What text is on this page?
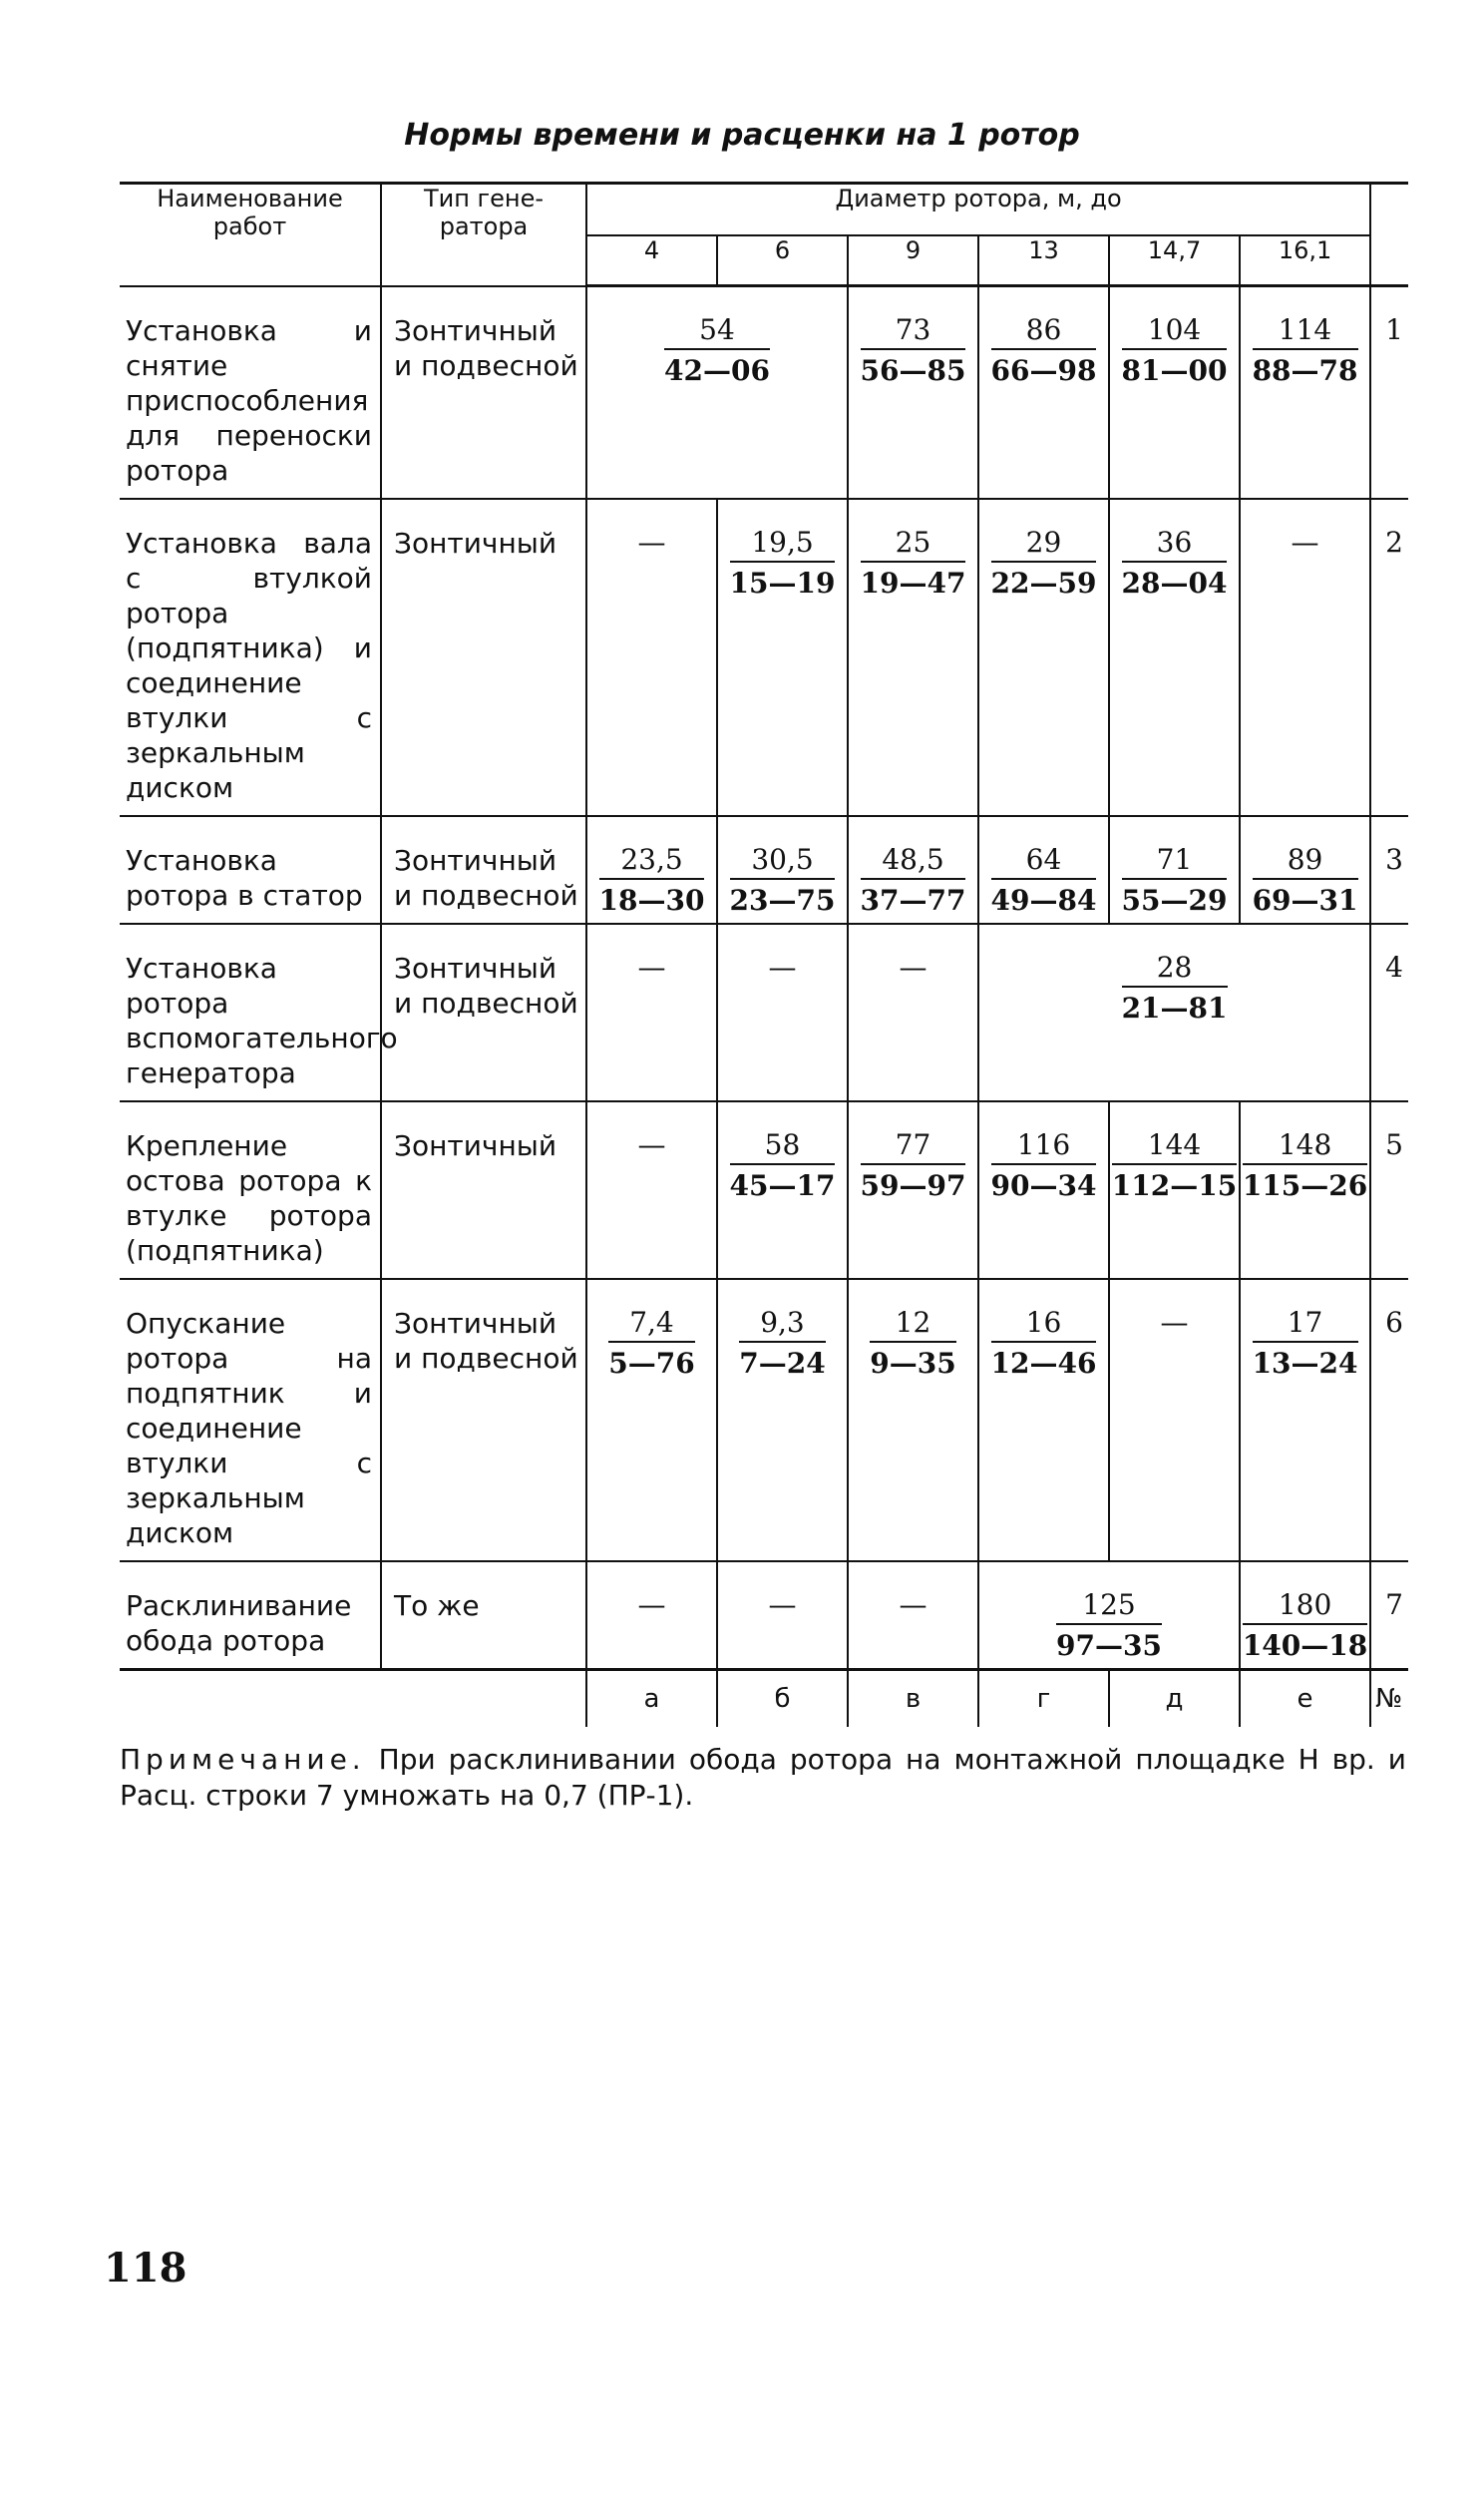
Нормы времени и расценки на 1 ротор
Наименование работ	Тип гене-ратора	Диаметр ротора, м, до						
		4	6	9	13	14,7	16,1	
Установка и снятие приспособления для переноски ротора	Зонтичный и подвесной	$\frac{54}{42—06}$		$\frac{73}{56—85}$	$\frac{86}{66—98}$	$\frac{104}{81—00}$	$\frac{114}{88—78}$	1
Установка вала с втулкой ротора (подпятника) и соединение втулки с зеркальным диском	Зонтичный	—	$\frac{19,5}{15—19}$	$\frac{25}{19—47}$	$\frac{29}{22—59}$	$\frac{36}{28—04}$	—	2
Установка ротора в статор	Зонтичный и подвесной	$\frac{23,5}{18—30}$	$\frac{30,5}{23—75}$	$\frac{48,5}{37—77}$	$\frac{64}{49—84}$	$\frac{71}{55—29}$	$\frac{89}{69—31}$	3
Установка ротора вспомогательного генератора	Зонтичный и подвесной	—	—	—	$\frac{28}{21—81}$			4
Крепление остова ротора к втулке ротора (подпятника)	Зонтичный	—	$\frac{58}{45—17}$	$\frac{77}{59—97}$	$\frac{116}{90—34}$	$\frac{144}{112—15}$	$\frac{148}{115—26}$	5
Опускание ротора на подпятник и соединение втулки с зеркальным диском	Зонтичный и подвесной	$\frac{7,4}{5—76}$	$\frac{9,3}{7—24}$	$\frac{12}{9—35}$	$\frac{16}{12—46}$	—	$\frac{17}{13—24}$	6
Расклинивание обода ротора	То же	—	—	—	$\frac{125}{97—35}$		$\frac{180}{140—18}$	7
		а	б	в	г	д	е	№
Примечание. При расклинивании обода ротора на монтажной площадке Н вр. и Расц. строки 7 умножать на 0,7 (ПР-1).
118
